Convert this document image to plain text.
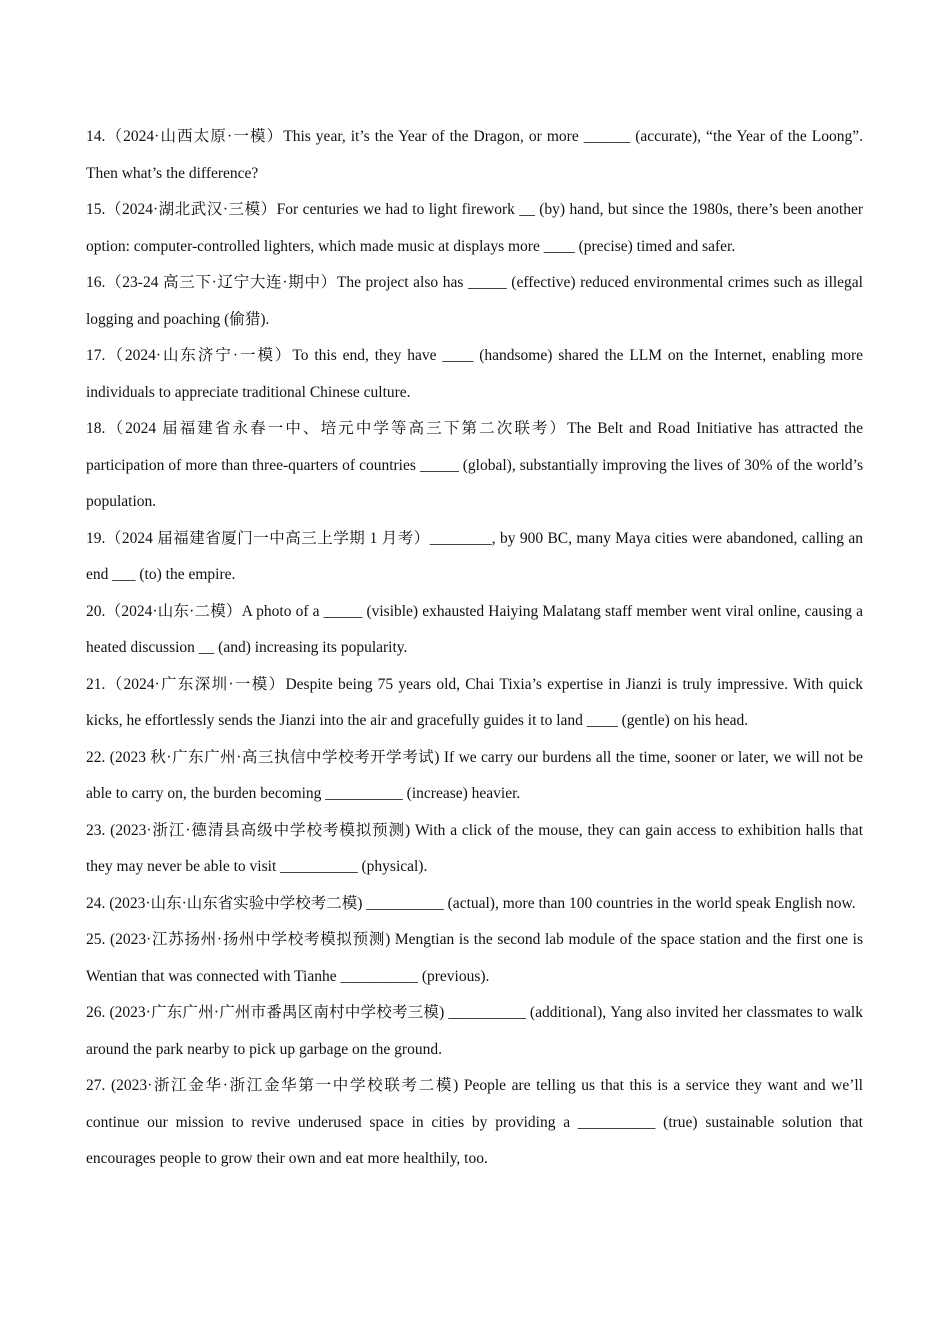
14.（2024·山西太原·一模）This year, it’s the Year of the Dragon, or more ______ (accurate), “the Year of the Loong”. Then what’s the difference?

15.（2024·湖北武汉·三模）For centuries we had to light firework __ (by) hand, but since the 1980s, there’s been another option: computer-controlled lighters, which made music at displays more ____ (precise) timed and safer.

16.（23-24 高三下·辽宁大连·期中）The project also has _____ (effective) reduced environmental crimes such as illegal logging and poaching (偷猎).

17.（2024·山东济宁·一模）To this end, they have ____ (handsome) shared the LLM on the Internet, enabling more individuals to appreciate traditional Chinese culture.

18.（2024 届福建省永春一中、培元中学等高三下第二次联考）The Belt and Road Initiative has attracted the participation of more than three-quarters of countries _____ (global), substantially improving the lives of 30% of the world’s population.

19.（2024 届福建省厦门一中高三上学期 1 月考）________, by 900 BC, many Maya cities were abandoned, calling an end ___ (to) the empire.

20.（2024·山东·二模）A photo of a _____ (visible) exhausted Haiying Malatang staff member went viral online, causing a heated discussion __ (and) increasing its popularity.

21.（2024·广东深圳·一模）Despite being 75 years old, Chai Tixia’s expertise in Jianzi is truly impressive. With quick kicks, he effortlessly sends the Jianzi into the air and gracefully guides it to land ____ (gentle) on his head.

22. (2023 秋·广东广州·高三执信中学校考开学考试) If we carry our burdens all the time, sooner or later, we will not be able to carry on, the burden becoming __________ (increase) heavier.

23. (2023·浙江·德清县高级中学校考模拟预测) With a click of the mouse, they can gain access to exhibition halls that they may never be able to visit __________ (physical).

24. (2023·山东·山东省实验中学校考二模) __________ (actual), more than 100 countries in the world speak English now.

25. (2023·江苏扬州·扬州中学校考模拟预测) Mengtian is the second lab module of the space station and the first one is Wentian that was connected with Tianhe __________ (previous).

26. (2023·广东广州·广州市番禺区南村中学校考三模) __________ (additional), Yang also invited her classmates to walk around the park nearby to pick up garbage on the ground.

27. (2023·浙江金华·浙江金华第一中学校联考二模) People are telling us that this is a service they want and we’ll continue our mission to revive underused space in cities by providing a __________ (true) sustainable solution that encourages people to grow their own and eat more healthily, too.
